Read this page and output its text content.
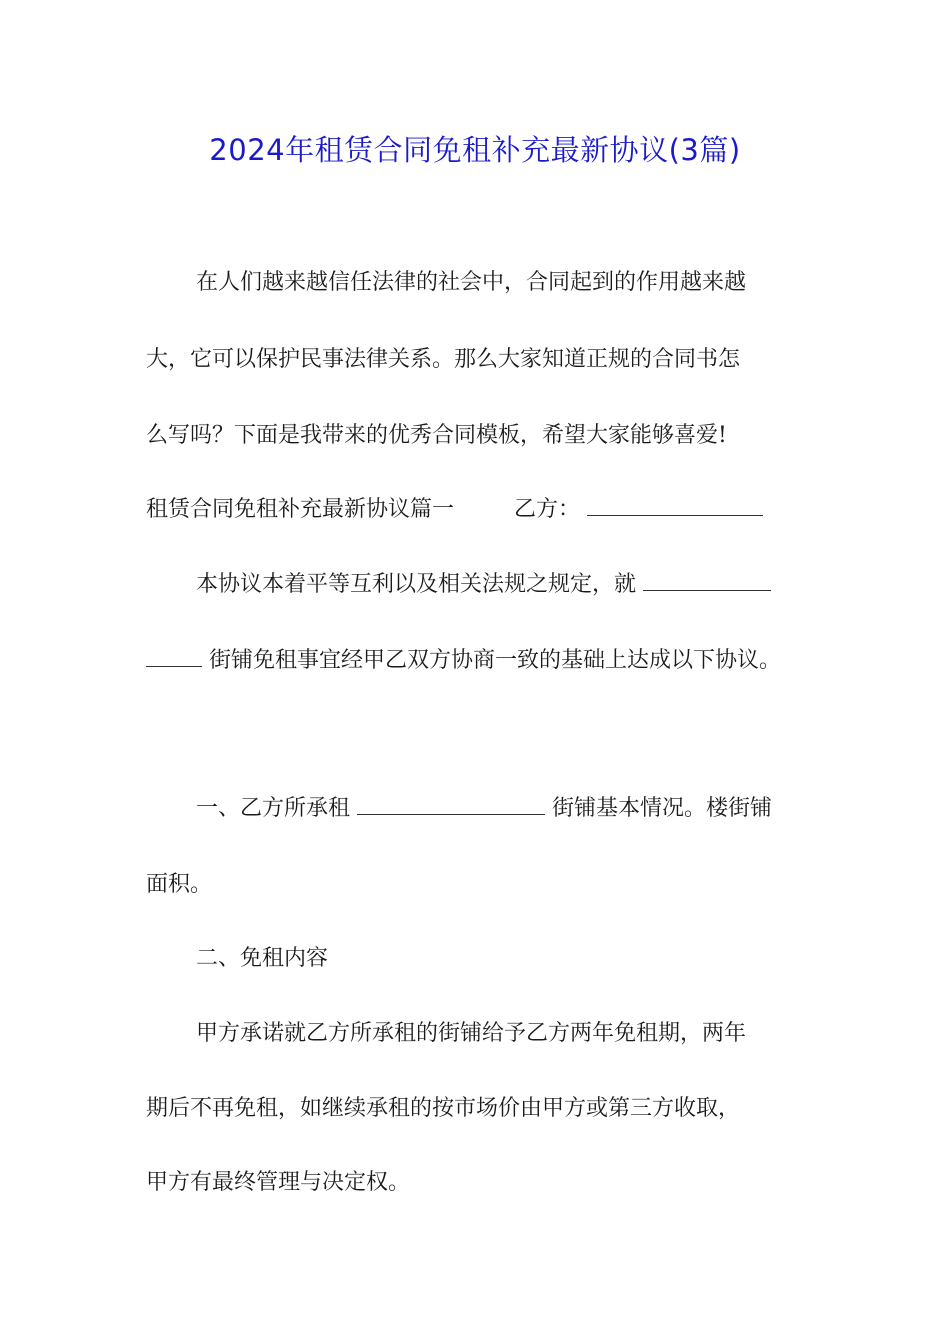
2024年租赁合同免租补充最新协议(3篇)
在人们越来越信任法律的社会中，合同起到的作用越来越
大，它可以保护民事法律关系。那么大家知道正规的合同书怎
么写吗？下面是我带来的优秀合同模板，希望大家能够喜爱!
租赁合同免租补充最新协议篇一	乙方：
本协议本着平等互利以及相关法规之规定，就
街铺免租事宜经甲乙双方协商一致的基础上达成以下协议。
一、乙方所承租	街铺基本情况。楼街铺
面积。
二、免租内容
甲方承诺就乙方所承租的街铺给予乙方两年免租期，两年
期后不再免租，如继续承租的按市场价由甲方或第三方收取，
甲方有最终管理与决定权。
